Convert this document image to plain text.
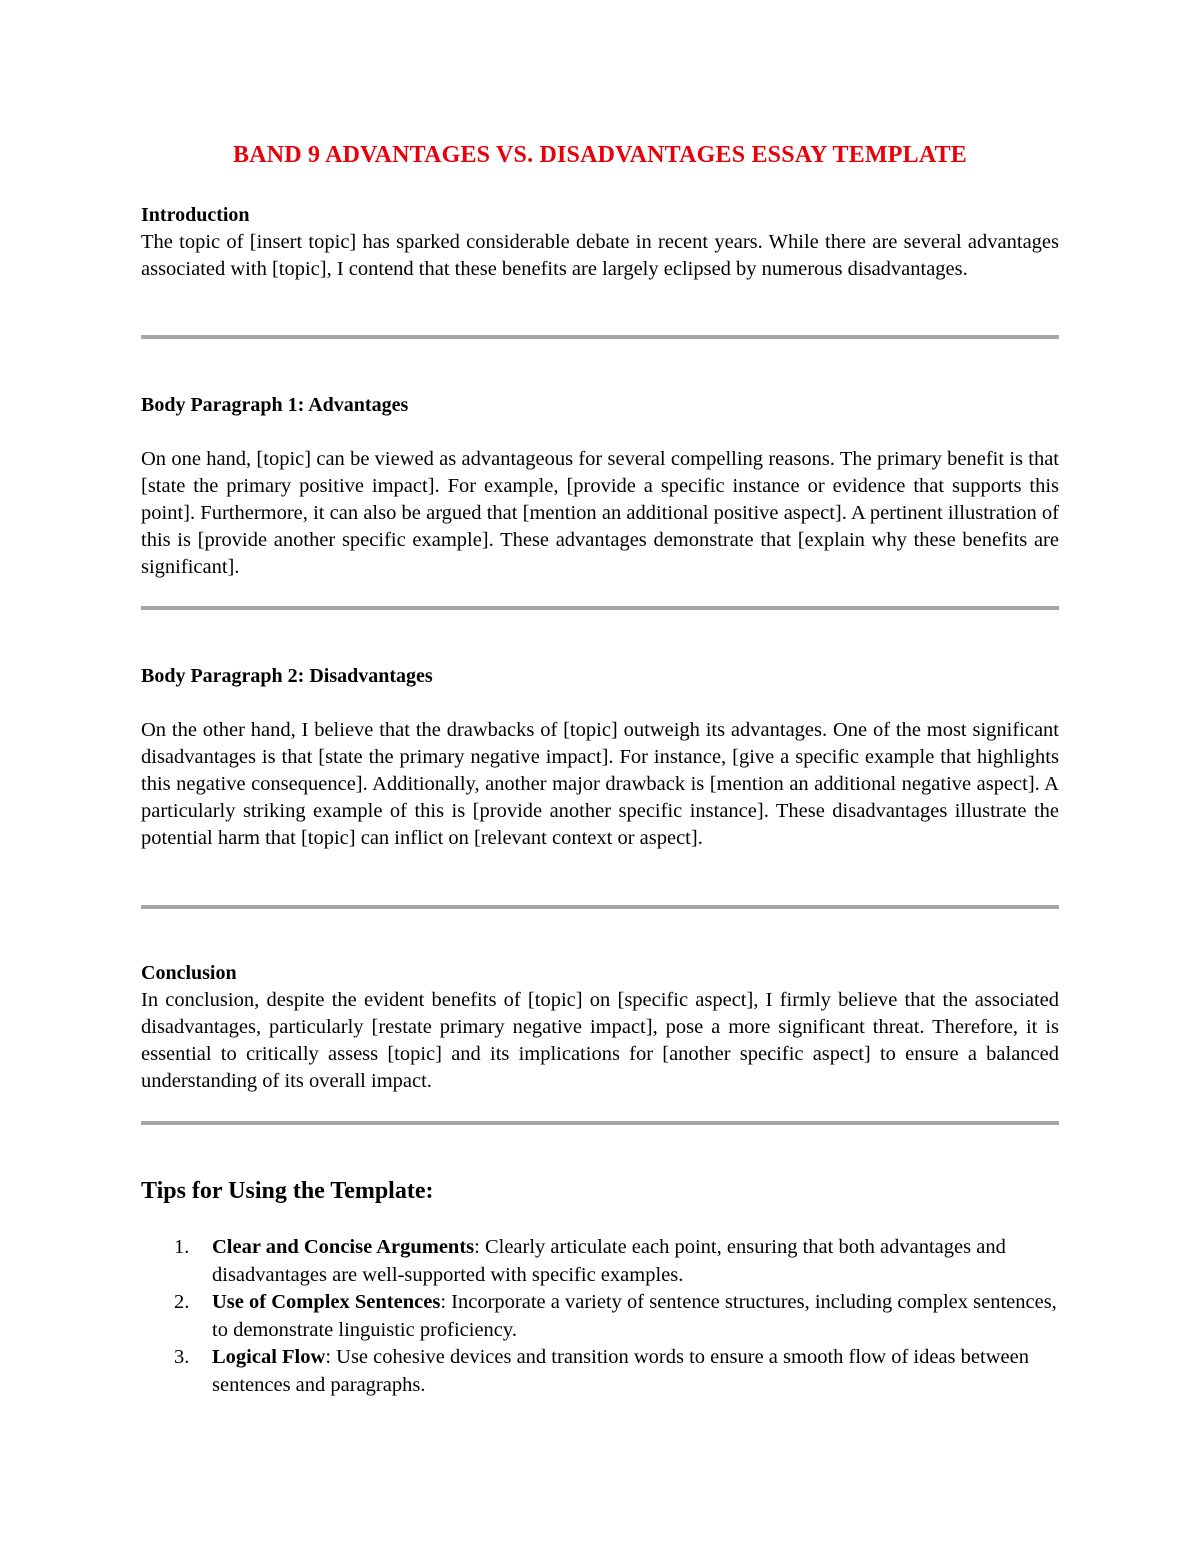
BAND 9 ADVANTAGES VS. DISADVANTAGES ESSAY TEMPLATE

Introduction

The topic of [insert topic] has sparked considerable debate in recent years. While there are several advantages associated with [topic], I contend that these benefits are largely eclipsed by numerous disadvantages.

Body Paragraph 1: Advantages

On one hand, [topic] can be viewed as advantageous for several compelling reasons. The primary benefit is that [state the primary positive impact]. For example, [provide a specific instance or evidence that supports this point]. Furthermore, it can also be argued that [mention an additional positive aspect]. A pertinent illustration of this is [provide another specific example]. These advantages demonstrate that [explain why these benefits are significant].

Body Paragraph 2: Disadvantages

On the other hand, I believe that the drawbacks of [topic] outweigh its advantages. One of the most significant disadvantages is that [state the primary negative impact]. For instance, [give a specific example that highlights this negative consequence]. Additionally, another major drawback is [mention an additional negative aspect]. A particularly striking example of this is [provide another specific instance]. These disadvantages illustrate the potential harm that [topic] can inflict on [relevant context or aspect].

Conclusion

In conclusion, despite the evident benefits of [topic] on [specific aspect], I firmly believe that the associated disadvantages, particularly [restate primary negative impact], pose a more significant threat. Therefore, it is essential to critically assess [topic] and its implications for [another specific aspect] to ensure a balanced understanding of its overall impact.

Tips for Using the Template:
1. Clear and Concise Arguments: Clearly articulate each point, ensuring that both advantages and disadvantages are well-supported with specific examples.
2. Use of Complex Sentences: Incorporate a variety of sentence structures, including complex sentences, to demonstrate linguistic proficiency.
3. Logical Flow: Use cohesive devices and transition words to ensure a smooth flow of ideas between sentences and paragraphs.
